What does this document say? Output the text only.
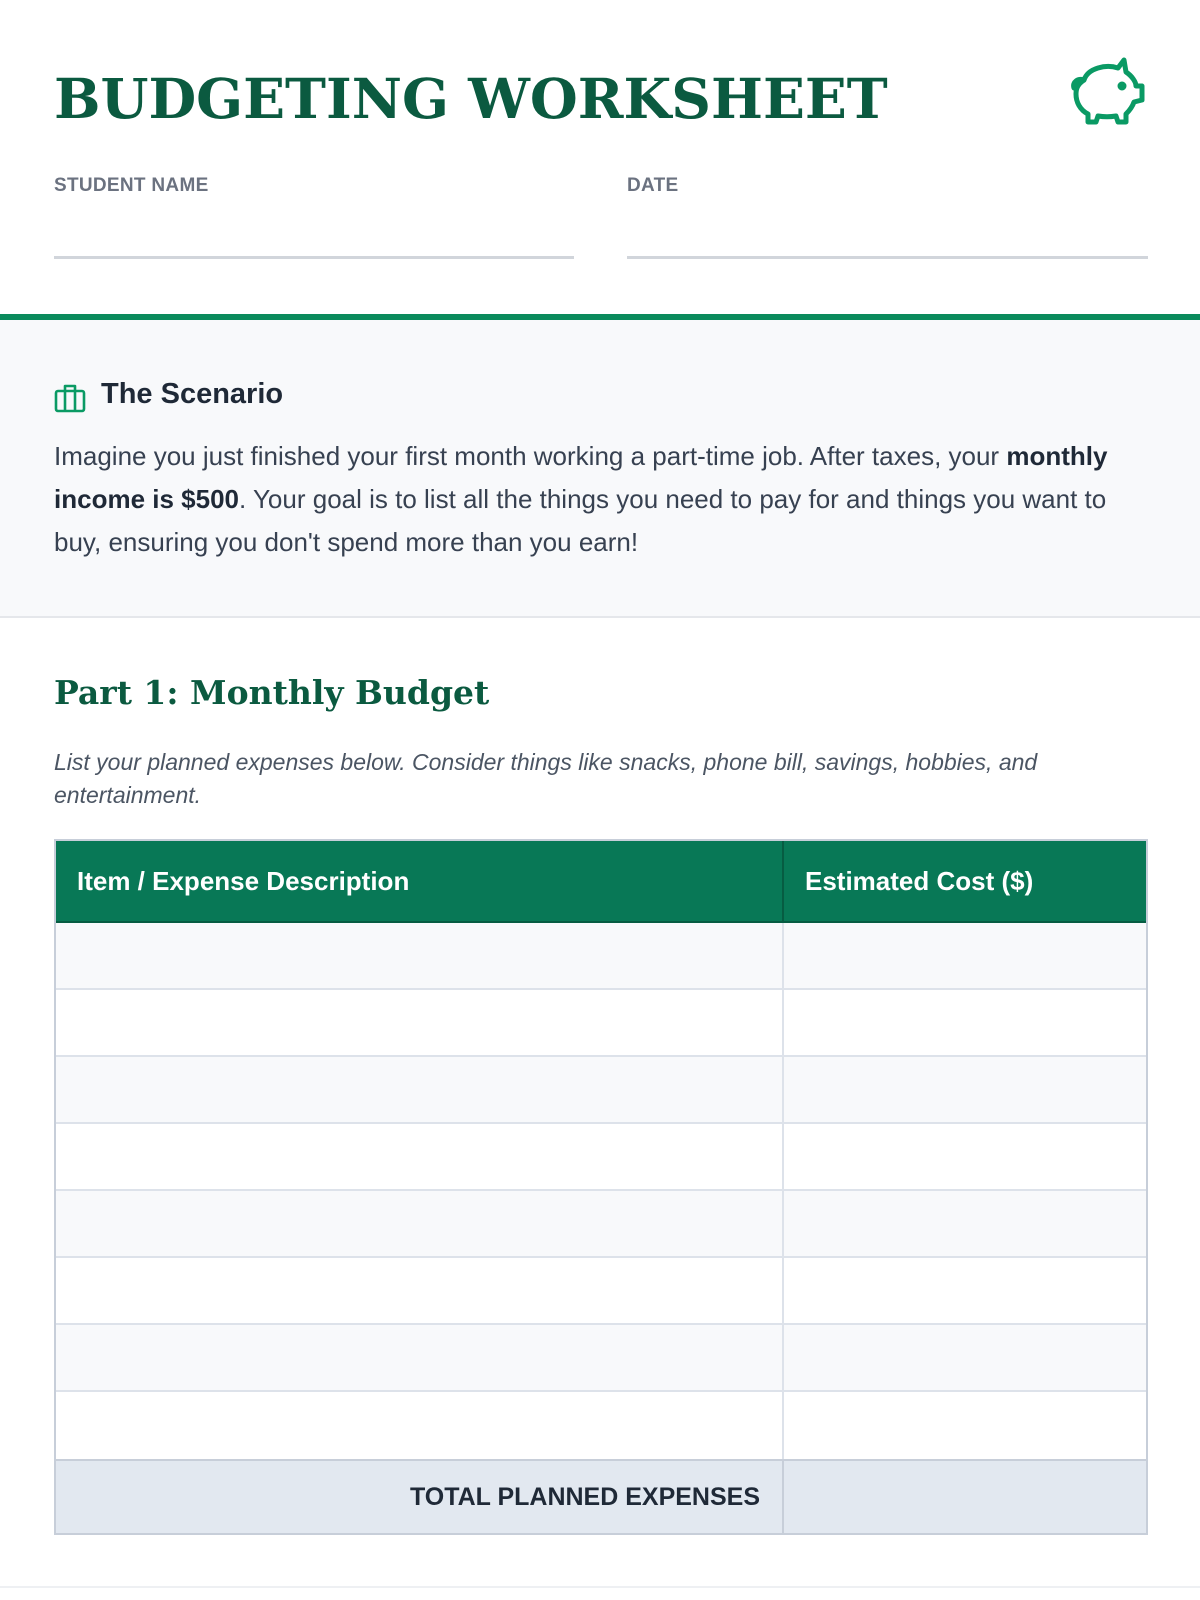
BUDGETING WORKSHEET
STUDENT NAME	DATE
The Scenario
Imagine you just finished your first month working a part-time job. After taxes, your monthly income is $500. Your goal is to list all the things you need to pay for and things you want to buy, ensuring you don't spend more than you earn!
Part 1: Monthly Budget
List your planned expenses below. Consider things like snacks, phone bill, savings, hobbies, and entertainment.
Item / Expense Description	Estimated Cost ($)
TOTAL PLANNED EXPENSES
